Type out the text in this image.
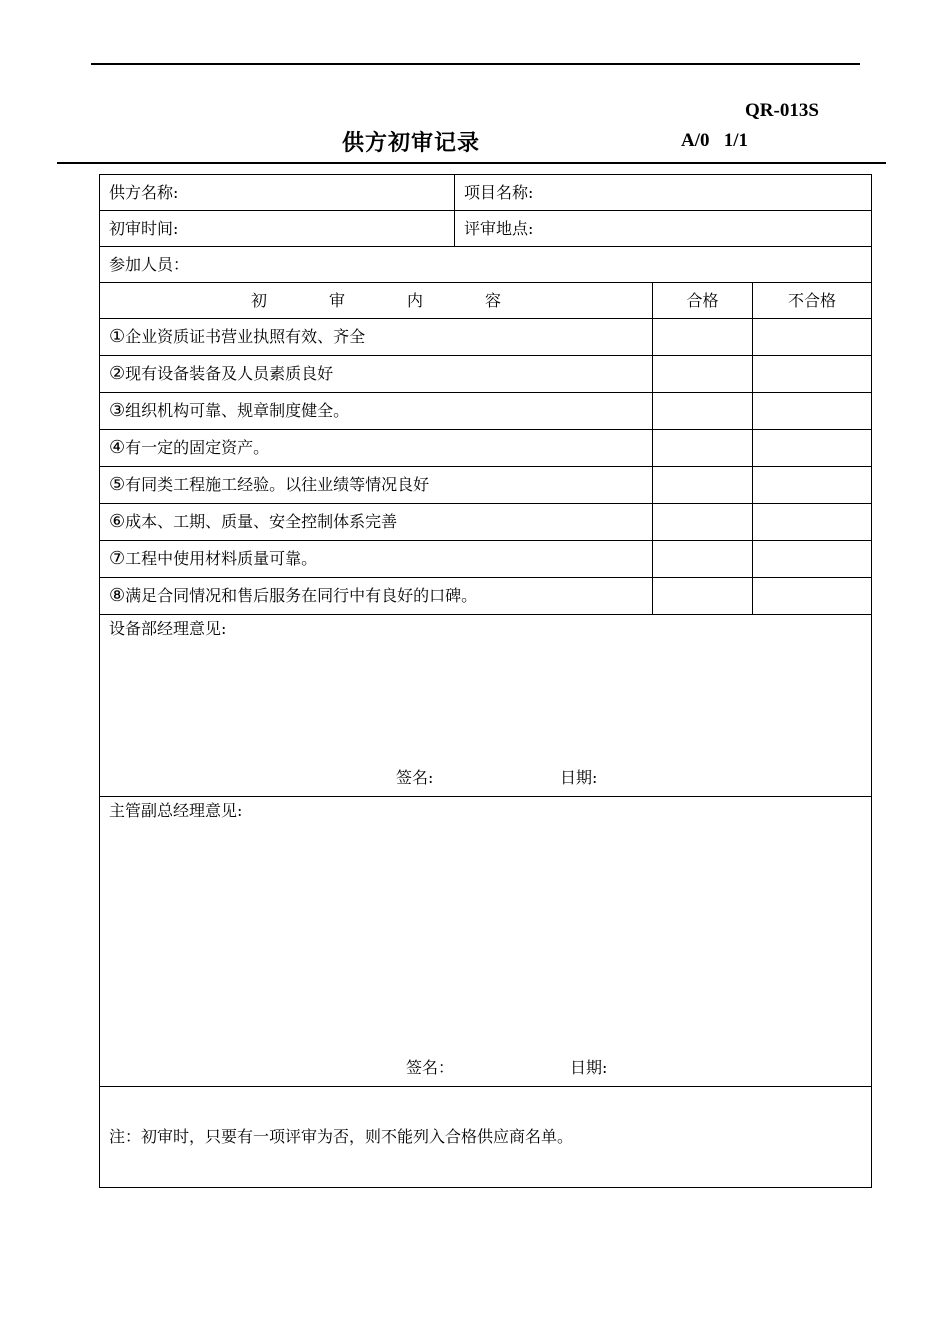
QR-013S
供方初审记录	A/0   1/1
供方名称:	项目名称:		
初审时间:	评审地点:		
参加人员：			
初 审 内 容		合格	不合格
①企业资质证书营业执照有效、齐全			
②现有设备装备及人员素质良好			
③组织机构可靠、规章制度健全。			
④有一定的固定资产。			
⑤有同类工程施工经验。以往业绩等情况良好			
⑥成本、工期、质量、安全控制体系完善			
⑦工程中使用材料质量可靠。			
⑧满足合同情况和售后服务在同行中有良好的口碑。			

设备部经理意见:
签名: 日期:			

主管副总经理意见:
签名： 日期:			

注：初审时，只要有一项评审为否，则不能列入合格供应商名单。			
